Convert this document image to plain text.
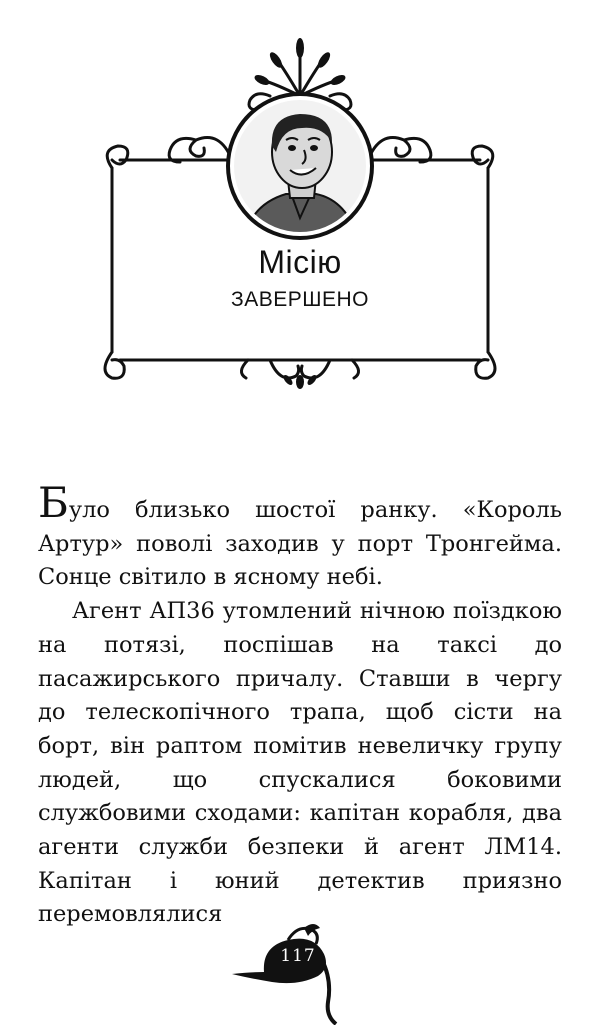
Місію
ЗАВЕРШЕНО

Було близько шостої ранку. «Король Артур» поволі заходив у порт Тронгейма. Сонце світило в ясному небі.

Агент АП36 утомлений нічною поїздкою на потязі, поспішав на таксі до пасажирського причалу. Ставши в чергу до телескопічного трапа, щоб сісти на борт, він раптом помітив невеличку групу людей, що спускалися боковими службовими сходами: капітан корабля, два агенти служби безпеки й агент ЛМ14. Капітан і юний детектив приязно перемовлялися

117
